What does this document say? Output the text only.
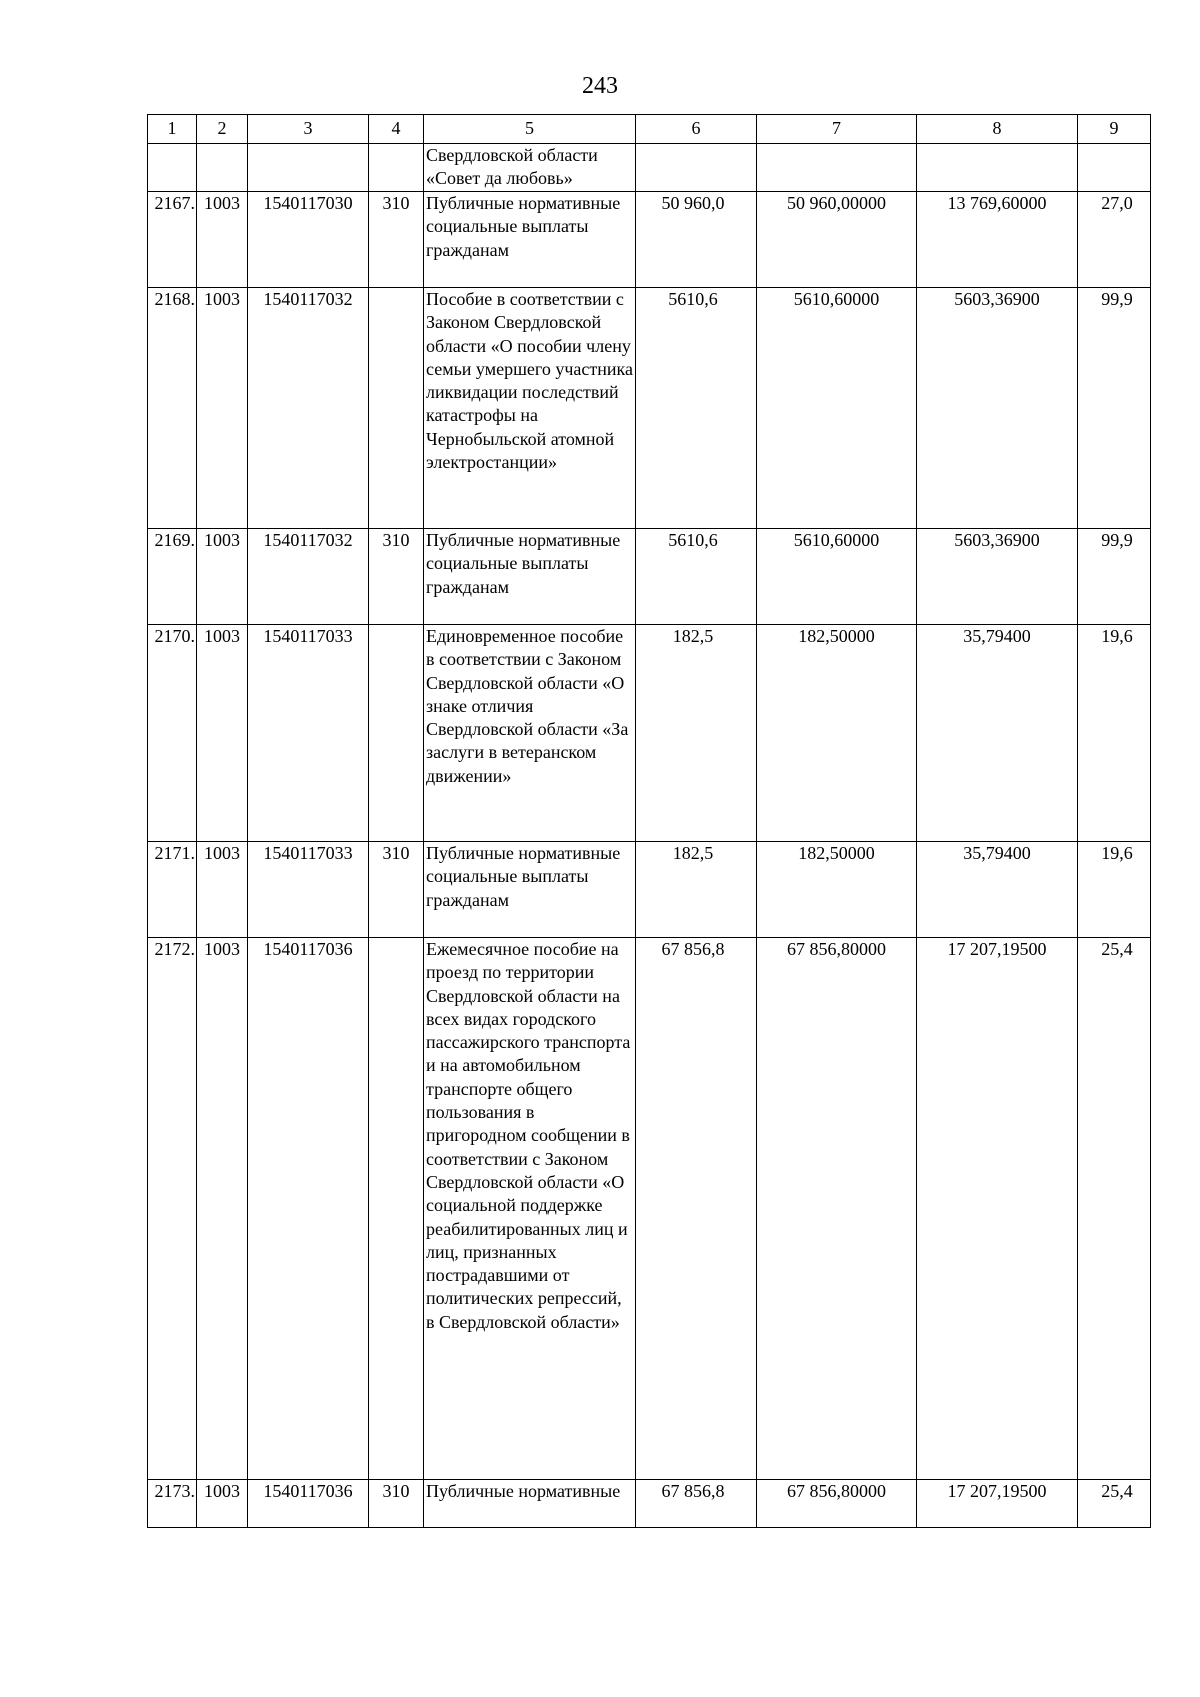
243
1	2	3	4	5	6	7	8	9
				Свердловской области «Совет да любовь»				
2167.	1003	1540117030	310	Публичные нормативные социальные выплаты гражданам	50 960,0	50 960,00000	13 769,60000	27,0
2168.	1003	1540117032		Пособие в соответствии с Законом Свердловской области «О пособии члену семьи умершего участника ликвидации последствий катастрофы на Чернобыльской атомной электростанции»	5610,6	5610,60000	5603,36900	99,9
2169.	1003	1540117032	310	Публичные нормативные социальные выплаты гражданам	5610,6	5610,60000	5603,36900	99,9
2170.	1003	1540117033		Единовременное пособие в соответствии с Законом Свердловской области «О знаке отличия Свердловской области «За заслуги в ветеранском движении»	182,5	182,50000	35,79400	19,6
2171.	1003	1540117033	310	Публичные нормативные социальные выплаты гражданам	182,5	182,50000	35,79400	19,6
2172.	1003	1540117036		Ежемесячное пособие на проезд по территории Свердловской области на всех видах городского пассажирского транспорта и на автомобильном транспорте общего пользования в пригородном сообщении в соответствии с Законом Свердловской области «О социальной поддержке реабилитированных лиц и лиц, признанных пострадавшими от политических репрессий, в Свердловской области»	67 856,8	67 856,80000	17 207,19500	25,4
2173.	1003	1540117036	310	Публичные нормативные	67 856,8	67 856,80000	17 207,19500	25,4
